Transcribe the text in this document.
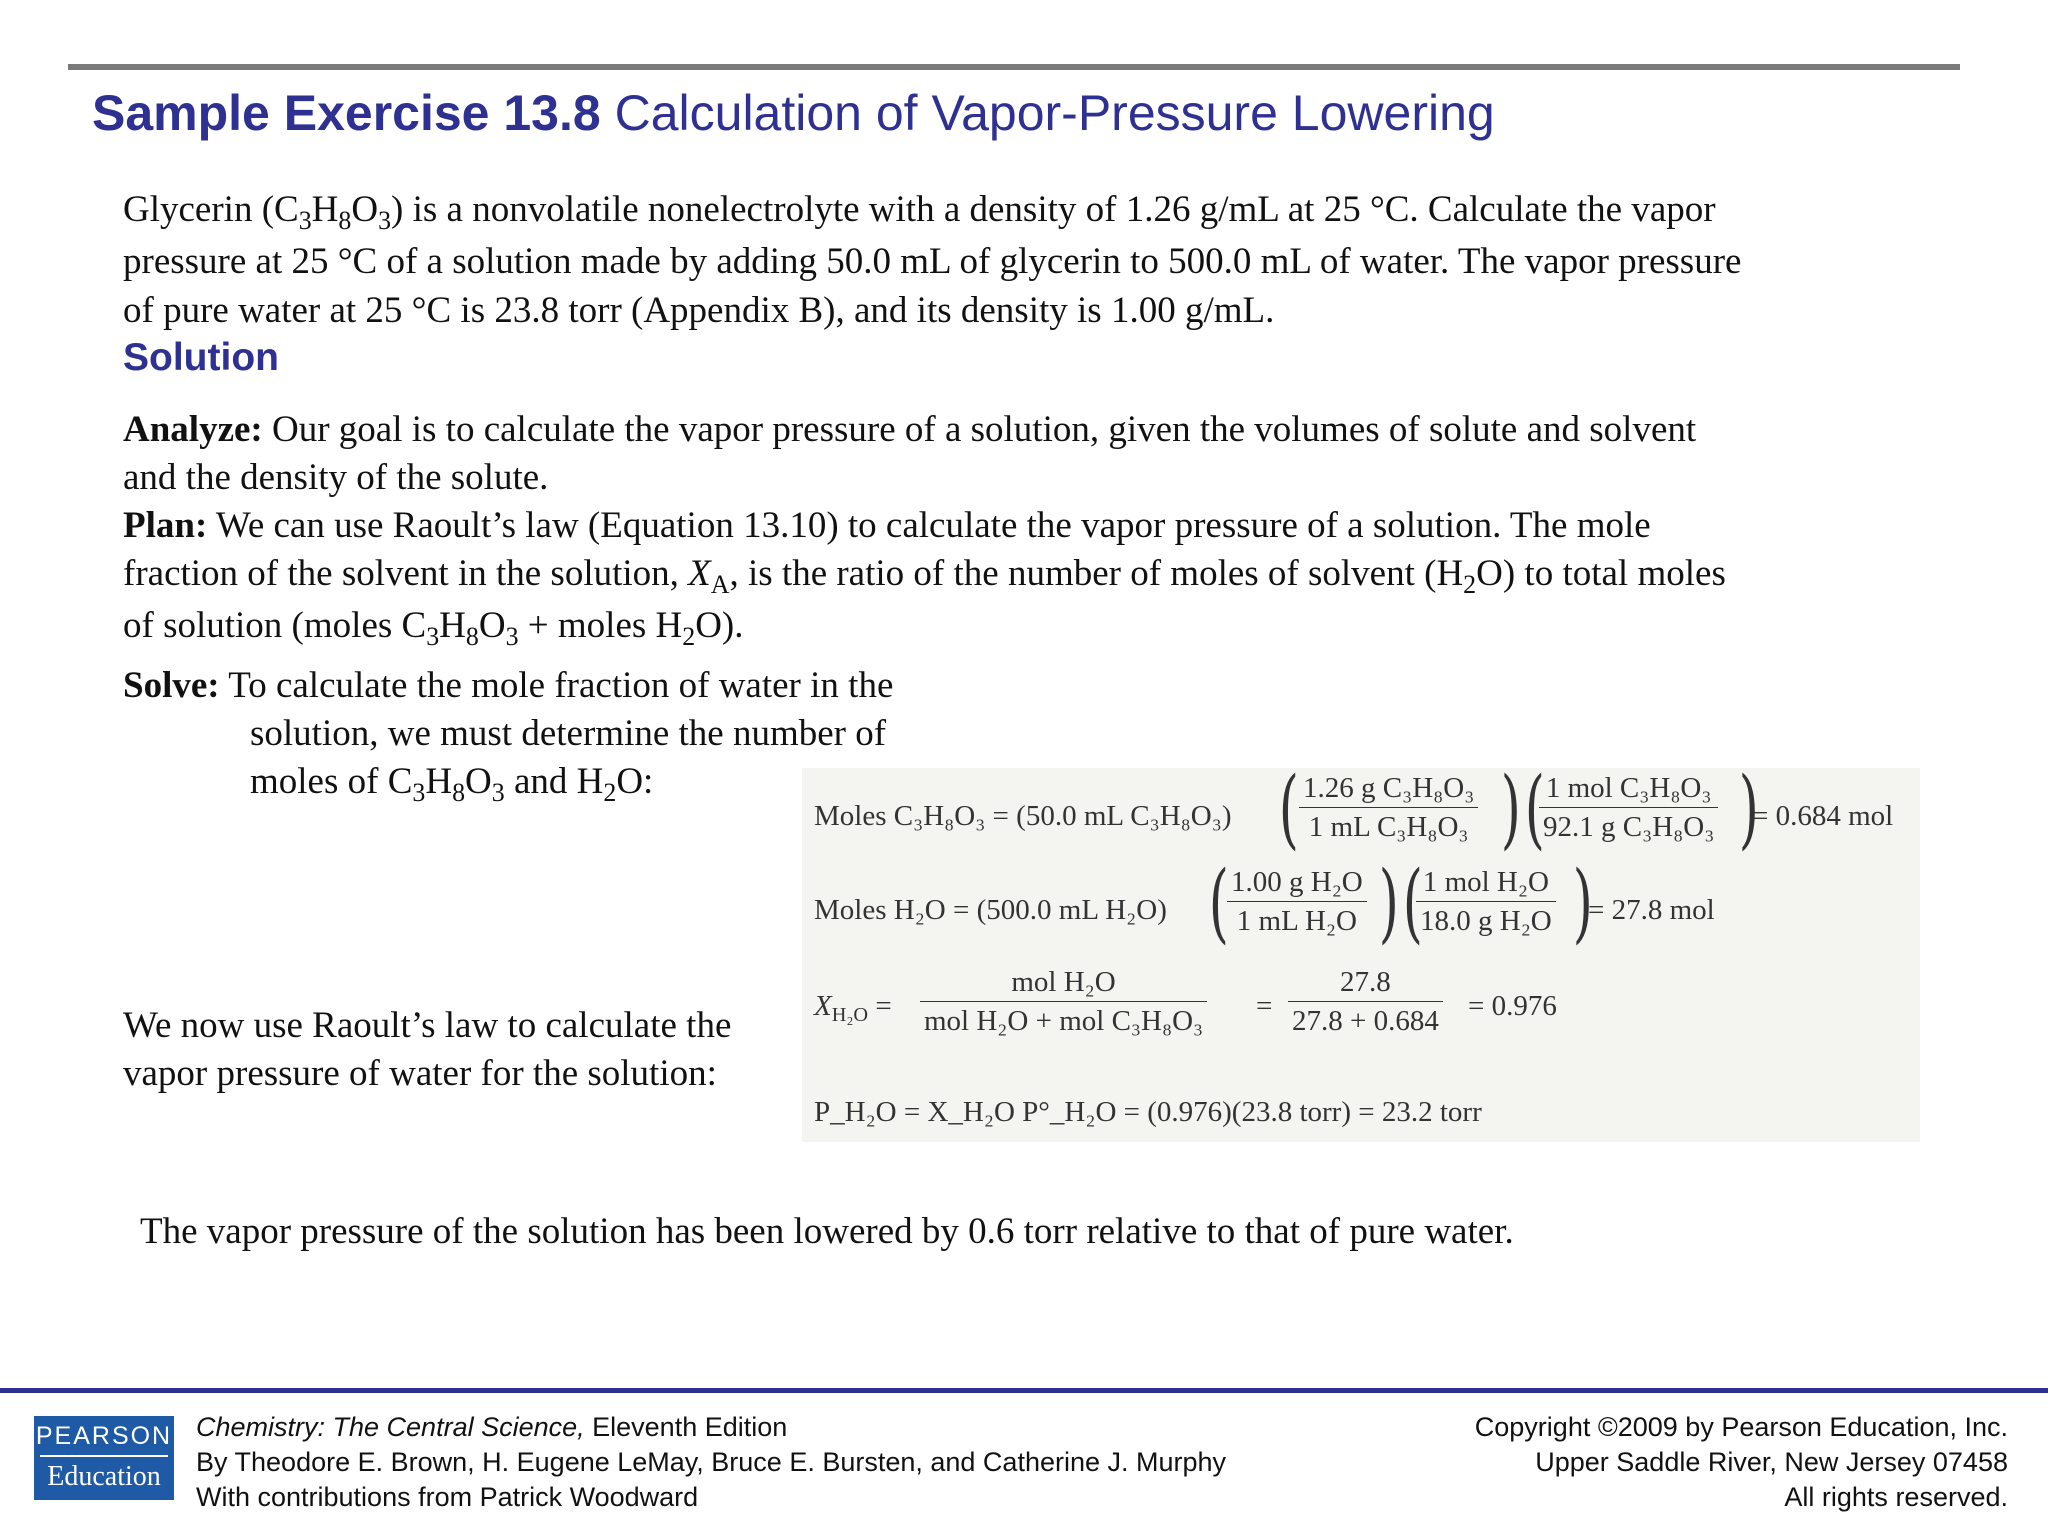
Sample Exercise 13.8 Calculation of Vapor-Pressure Lowering
Glycerin $(C_3H_8O_3)$ is a nonvolatile nonelectrolyte with a density of 1.26 g/mL at 25 °C. Calculate the vapor
pressure at 25 °C of a solution made by adding 50.0 mL of glycerin to 500.0 mL of water. The vapor pressure
of pure water at 25 °C is 23.8 torr (Appendix B), and its density is 1.00 g/mL.
Solution
Analyze: Our goal is to calculate the vapor pressure of a solution, given the volumes of solute and solvent
and the density of the solute.
Plan: We can use Raoult’s law (Equation 13.10) to calculate the vapor pressure of a solution. The mole
fraction of the solvent in the solution, $X_A$, is the ratio of the number of moles of solvent $(H_2O)$ to total moles
of solution (moles $C_3H_8O_3$ + moles $H_2O$).
Solve: To calculate the mole fraction of water in the
solution, we must determine the number of
moles of $C_3H_8O_3$ and $H_2O$:
We now use Raoult’s law to calculate the
vapor pressure of water for the solution:
Moles C₃H₈O₃ = (50.0 mL C₃H₈O₃) ( $\frac{\text{1.26 g C₃H₈O₃}}{\text{1 mL C₃H₈O₃}}$ ) ( 1 mol C₃H₈O₃
92.1 g C₃H₈O₃ )
= 0.684 mol
Moles H₂O = (500.0 mL H₂O) (
$\frac{\text{1.00 g H₂O}}{\text{1 mL H₂O}}$ ) ( 1 mol H₂O
18.0 g H₂O )
= 27.8 mol
$X_{H_2O}$ =
mol H₂O
mol H₂O + mol $C_3H_8O_3 = \frac{27.8}{27.8 + 0.684} = 0.976$
P_H₂O = X_H₂O P°_H₂O = (0.976)(23.8 torr) = 23.2 torr
The vapor pressure of the solution has been lowered by 0.6 torr relative to that of pure water.
PEARSON
Education
Chemistry: The Central Science, Eleventh Edition
By Theodore E. Brown, H. Eugene LeMay, Bruce E. Bursten, and Catherine J. Murphy
With contributions from Patrick Woodward
Copyright ©2009 by Pearson Education, Inc.
Upper Saddle River, New Jersey 07458
All rights reserved.
